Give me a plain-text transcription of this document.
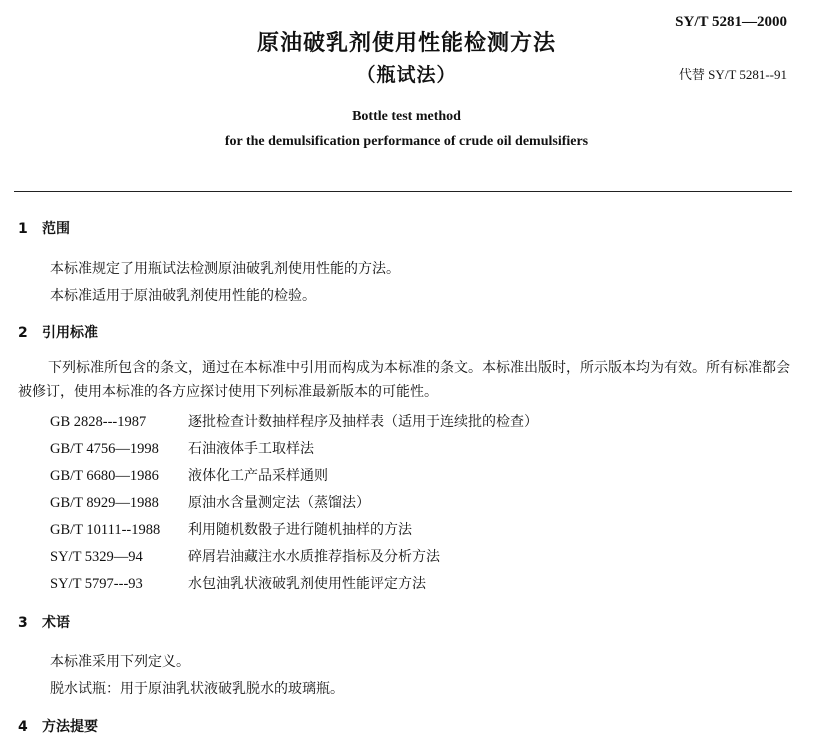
SY/T 5281—2000
代替 SY/T 5281--91
原油破乳剂使用性能检测方法
（瓶试法）
Bottle test method
for the demulsification performance of crude oil demulsifiers
1 范围
本标准规定了用瓶试法检测原油破乳剂使用性能的方法。
本标准适用于原油破乳剂使用性能的检验。
2 引用标准
下列标准所包含的条文，通过在本标准中引用而构成为本标准的条文。本标准出版时，所示版本均为有效。所有标准都会被修订，使用本标准的各方应探讨使用下列标准最新版本的可能性。
GB 2828---1987	逐批检查计数抽样程序及抽样表（适用于连续批的检查）
GB/T 4756—1998 石油液体手工取样法
GB/T 6680—1986 液体化工产品采样通则
GB/T 8929—1988 原油水含量测定法（蒸馏法）
GB/T 10111--1988 利用随机数骰子进行随机抽样的方法
SY/T 5329—94	碎屑岩油藏注水水质推荐指标及分析方法
SY/T 5797---93	水包油乳状液破乳剂使用性能评定方法
3 术语
本标准采用下列定义。
脱水试瓶：用于原油乳状液破乳脱水的玻璃瓶。
4 方法提要
